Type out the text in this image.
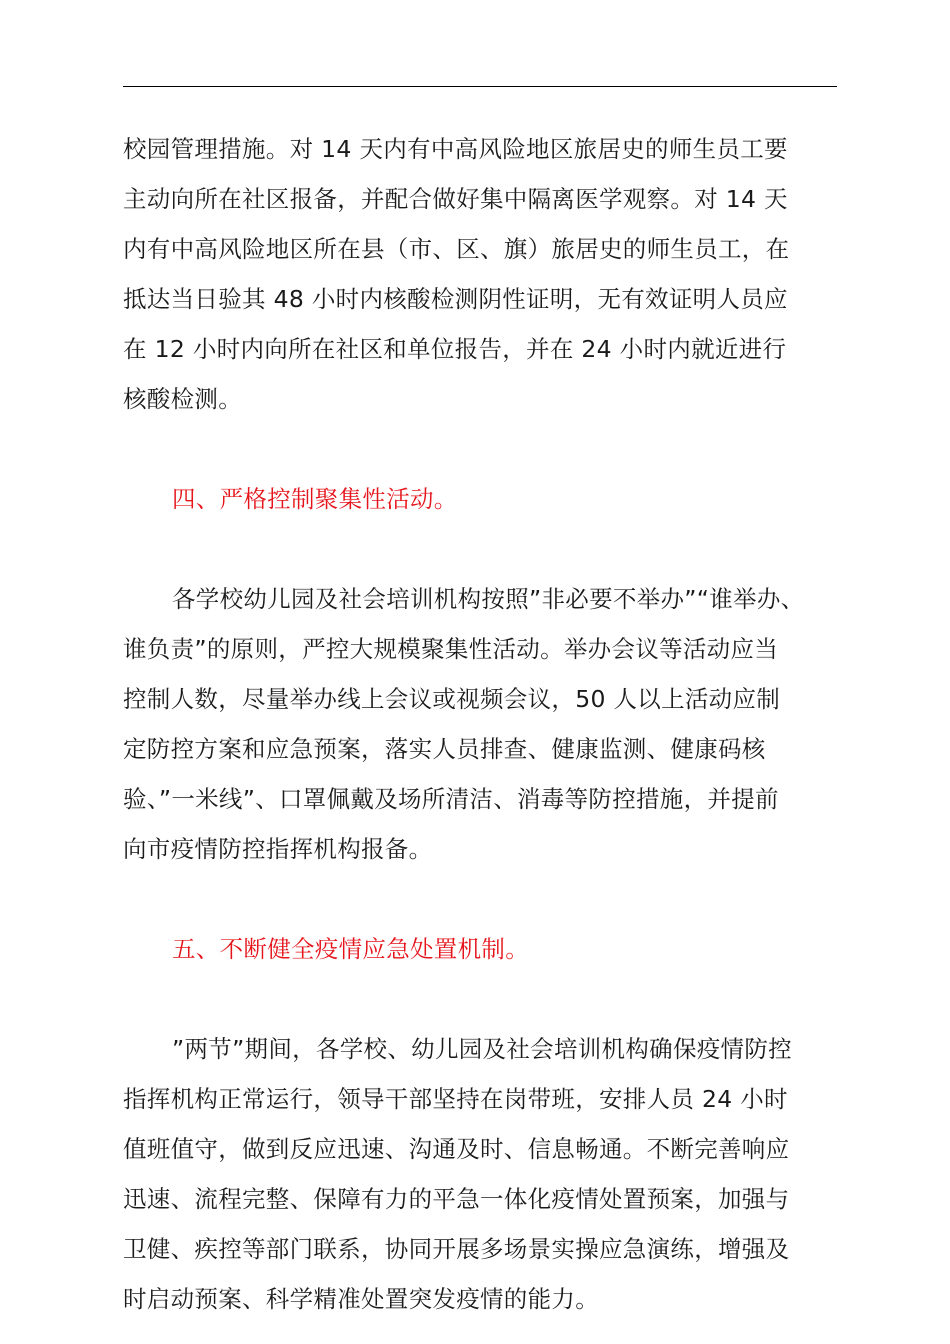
校园管理措施。对 14 天内有中高风险地区旅居史的师生员工要
主动向所在社区报备，并配合做好集中隔离医学观察。对 14 天
内有中高风险地区所在县（市、区、旗）旅居史的师生员工，在
抵达当日验其 48 小时内核酸检测阴性证明，无有效证明人员应
在 12 小时内向所在社区和单位报告，并在 24 小时内就近进行
核酸检测。
四、严格控制聚集性活动。
各学校幼儿园及社会培训机构按照”非必要不举办”“谁举办、
谁负责”的原则，严控大规模聚集性活动。举办会议等活动应当
控制人数，尽量举办线上会议或视频会议，50 人以上活动应制
定防控方案和应急预案，落实人员排查、健康监测、健康码核
验、”一米线”、口罩佩戴及场所清洁、消毒等防控措施，并提前
向市疫情防控指挥机构报备。
五、不断健全疫情应急处置机制。
”两节”期间，各学校、幼儿园及社会培训机构确保疫情防控
指挥机构正常运行，领导干部坚持在岗带班，安排人员 24 小时
值班值守，做到反应迅速、沟通及时、信息畅通。不断完善响应
迅速、流程完整、保障有力的平急一体化疫情处置预案，加强与
卫健、疾控等部门联系，协同开展多场景实操应急演练，增强及
时启动预案、科学精准处置突发疫情的能力。
